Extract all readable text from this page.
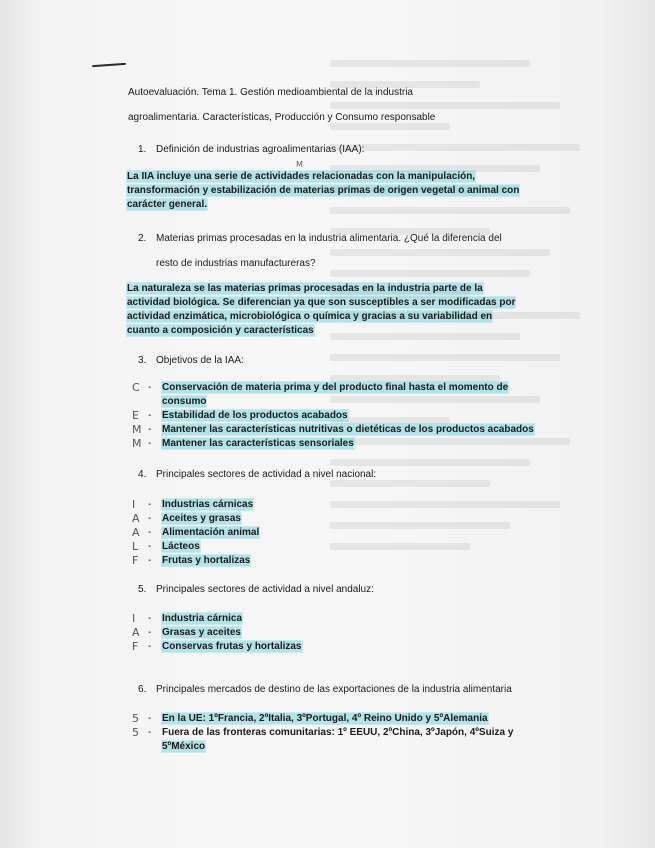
Autoevaluación. Tema 1. Gestión medioambiental de la industria
agroalimentaria. Características, Producción y Consumo responsable
1. Definición de industrias agroalimentarias (IAA):
M
La IIA incluye una serie de actividades relacionadas con la manipulación, transformación y estabilización de materias primas de origen vegetal o animal con carácter general.
2. Materias primas procesadas en la industria alimentaria. ¿Qué la diferencia del
resto de industrias manufactureras?
La naturaleza se las materias primas procesadas en la industria parte de la actividad biológica. Se diferencian ya que son susceptibles a ser modificadas por actividad enzimática, microbiológica o química y gracias a su variabilidad en cuanto a composición y características
3. Objetivos de la IAA:
C - Conservación de materia prima y del producto final hasta el momento de
consumo
E - Estabilidad de los productos acabados
M - Mantener las características nutritivas o dietéticas de los productos acabados
M - Mantener las características sensoriales
4. Principales sectores de actividad a nivel nacional:
I - Industrias cárnicas
A - Aceites y grasas
A - Alimentación animal
L - Lácteos
F - Frutas y hortalizas
5. Principales sectores de actividad a nivel andaluz:
I - Industria cárnica
A - Grasas y aceites
F - Conservas frutas y hortalizas
6. Principales mercados de destino de las exportaciones de la industria alimentaria
5 - En la UE: 1ºFrancia, 2ºItalia, 3ºPortugal, 4º Reino Unido y 5ºAlemania
5 - Fuera de las fronteras comunitarias: 1º EEUU, 2ºChina, 3ºJapón, 4ºSuiza y
5ºMéxico
